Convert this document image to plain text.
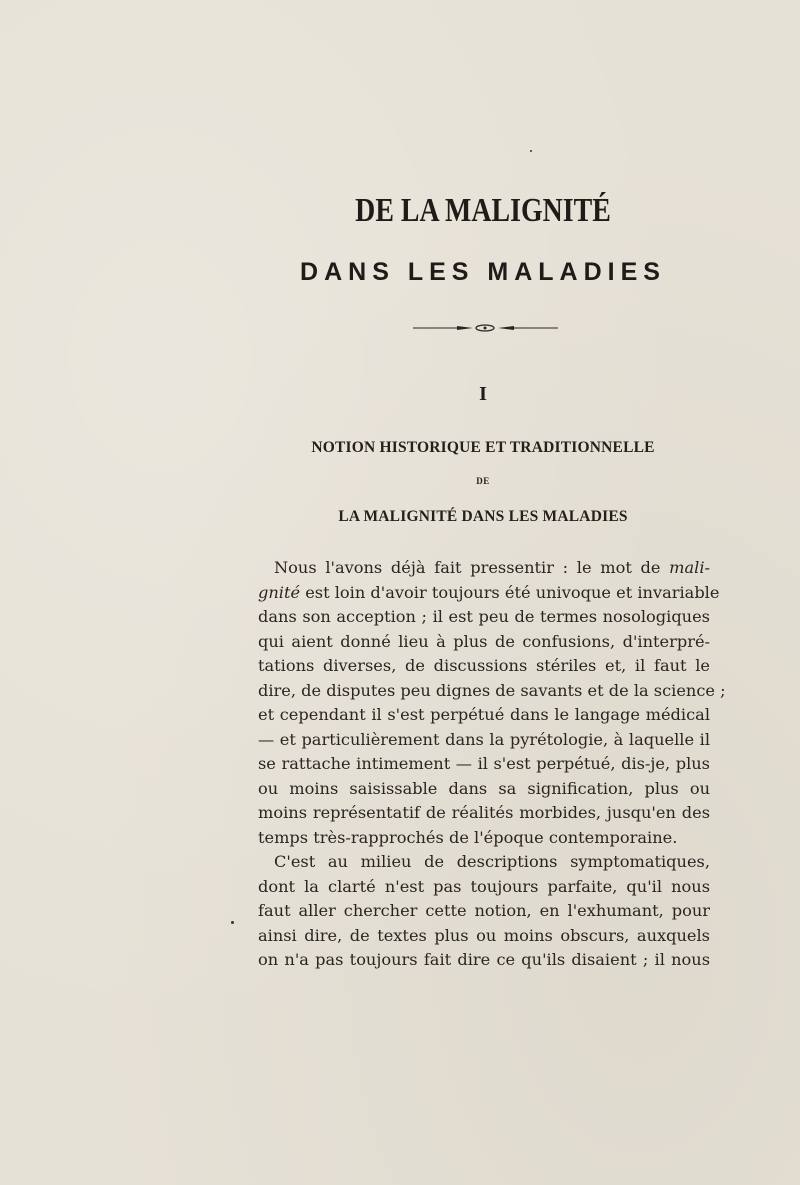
DE LA MALIGNITÉ
DANS LES MALADIES
I
NOTION HISTORIQUE ET TRADITIONNELLE
DE
LA MALIGNITÉ DANS LES MALADIES
Nous l'avons déjà fait pressentir : le mot de mali-
gnité est loin d'avoir toujours été univoque et invariable
dans son acception ; il est peu de termes nosologiques
qui aient donné lieu à plus de confusions, d'interpré-
tations diverses, de discussions stériles et, il faut le
dire, de disputes peu dignes de savants et de la science ;
et cependant il s'est perpétué dans le langage médical
— et particulièrement dans la pyrétologie, à laquelle il
se rattache intimement — il s'est perpétué, dis-je, plus
ou moins saisissable dans sa signification, plus ou
moins représentatif de réalités morbides, jusqu'en des
temps très-rapprochés de l'époque contemporaine.
C'est au milieu de descriptions symptomatiques,
dont la clarté n'est pas toujours parfaite, qu'il nous
faut aller chercher cette notion, en l'exhumant, pour
ainsi dire, de textes plus ou moins obscurs, auxquels
on n'a pas toujours fait dire ce qu'ils disaient ; il nous
